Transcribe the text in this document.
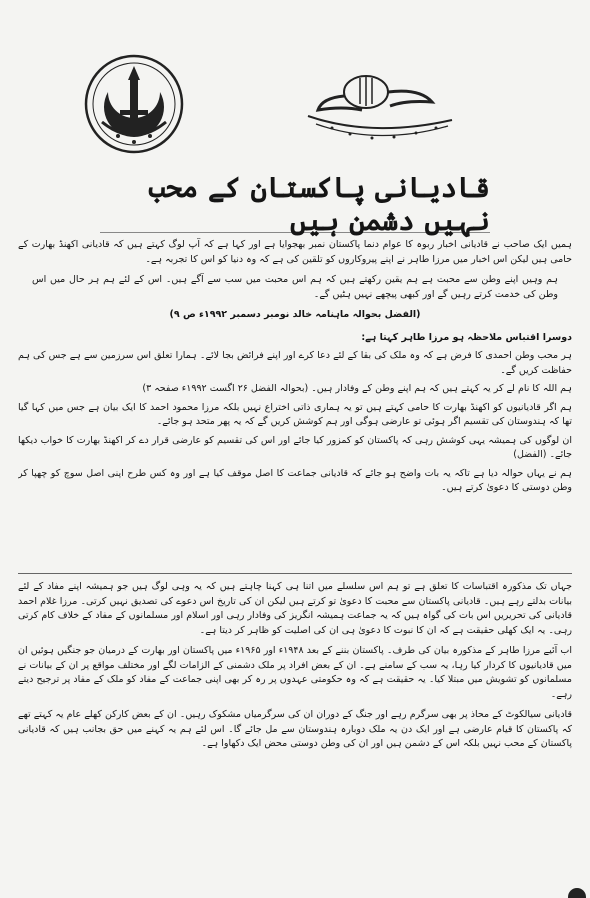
قادیانی پاکستان کے محب نہیں دشمن ہیں

ہمیں ایک صاحب نے قادیانی اخبار ربوہ کا عوام دنما پاکستان نمبر بھجوایا ہے اور کہا ہے کہ آپ لوگ کہتے ہیں کہ قادیانی اکھنڈ بھارت کے حامی ہیں لیکن اس اخبار میں مرزا طاہر نے اپنے پیروکاروں کو تلقین کی ہے کہ وہ دنیا کو اس کا تجربہ ہے۔

ہم وہیں اپنے وطن سے محبت ہے ہم یقین رکھتے ہیں کہ ہم اس محبت میں سب سے آگے ہیں۔ اس کے لئے ہم ہر حال میں اس وطن کی خدمت کرتے رہیں گے اور کبھی پیچھے نہیں ہٹیں گے۔

(الفضل بحوالہ ماہنامہ خالد نومبر دسمبر ۱۹۹۲ء ص ۹)

دوسرا اقتباس ملاحظہ ہو مرزا طاہر کہتا ہے:

ہر محب وطن احمدی کا فرض ہے کہ وہ ملک کی بقا کے لئے دعا کرے اور اپنے فرائض بجا لائے۔ ہمارا تعلق اس سرزمین سے ہے جس کی ہم حفاظت کریں گے۔

ہم اللہ کا نام لے کر یہ کہتے ہیں کہ ہم اپنے وطن کے وفادار ہیں۔ (بحوالہ الفضل ۲۶ اگست ۱۹۹۲ء صفحہ ۳)

ہم اگر قادیانیوں کو اکھنڈ بھارت کا حامی کہتے ہیں تو یہ ہماری ذاتی اختراع نہیں بلکہ مرزا محمود احمد کا ایک بیان ہے جس میں کہا گیا تھا کہ ہندوستان کی تقسیم اگر ہوئی تو عارضی ہوگی اور ہم کوشش کریں گے کہ یہ پھر متحد ہو جائے۔

ان لوگوں کی ہمیشہ یہی کوشش رہی کہ پاکستان کو کمزور کیا جائے اور اس کی تقسیم کو عارضی قرار دے کر اکھنڈ بھارت کا خواب دیکھا جائے۔ (الفضل)

ہم نے یہاں حوالہ دیا ہے تاکہ یہ بات واضح ہو جائے کہ قادیانی جماعت کا اصل موقف کیا ہے اور وہ کس طرح اپنی اصل سوچ کو چھپا کر وطن دوستی کا دعویٰ کرتے ہیں۔

جہاں تک مذکورہ اقتباسات کا تعلق ہے تو ہم اس سلسلے میں اتنا ہی کہنا چاہتے ہیں کہ یہ وہی لوگ ہیں جو ہمیشہ اپنے مفاد کے لئے بیانات بدلتے رہے ہیں۔ قادیانی پاکستان سے محبت کا دعویٰ تو کرتے ہیں لیکن ان کی تاریخ اس دعوے کی تصدیق نہیں کرتی۔ مرزا غلام احمد قادیانی کی تحریریں اس بات کی گواہ ہیں کہ یہ جماعت ہمیشہ انگریز کی وفادار رہی اور اسلام اور مسلمانوں کے مفاد کے خلاف کام کرتی رہی۔ یہ ایک کھلی حقیقت ہے کہ ان کا نبوت کا دعویٰ ہی ان کی اصلیت کو ظاہر کر دیتا ہے۔

اب آئیے مرزا طاہر کے مذکورہ بیان کی طرف۔ پاکستان بننے کے بعد ۱۹۴۸ء اور ۱۹۶۵ء میں پاکستان اور بھارت کے درمیان جو جنگیں ہوئیں ان میں قادیانیوں کا کردار کیا رہا، یہ سب کے سامنے ہے۔ ان کے بعض افراد پر ملک دشمنی کے الزامات لگے اور مختلف مواقع پر ان کے بیانات نے مسلمانوں کو تشویش میں مبتلا کیا۔ یہ حقیقت ہے کہ وہ حکومتی عہدوں پر رہ کر بھی اپنی جماعت کے مفاد کو ملک کے مفاد پر ترجیح دیتے رہے۔

قادیانی سیالکوٹ کے محاذ پر بھی سرگرم رہے اور جنگ کے دوران ان کی سرگرمیاں مشکوک رہیں۔ ان کے بعض کارکن کھلے عام یہ کہتے تھے کہ پاکستان کا قیام عارضی ہے اور ایک دن یہ ملک دوبارہ ہندوستان سے مل جائے گا۔ اس لئے ہم یہ کہنے میں حق بجانب ہیں کہ قادیانی پاکستان کے محب نہیں بلکہ اس کے دشمن ہیں اور ان کی وطن دوستی محض ایک دکھاوا ہے۔
